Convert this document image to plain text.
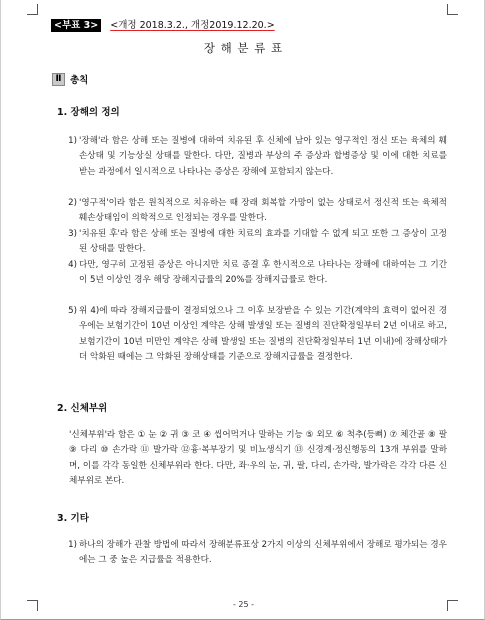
<부표 3> <개정 2018.3.2., 개정2019.12.20.>
장 해 분 류 표
Ⅱ 총칙
1. 장해의 정의
1) '장해'라 함은 상해 또는 질병에 대하여 치유된 후 신체에 남아 있는 영구적인 정신 또는 육체의 훼손상태 및 기능상실 상태를 말한다. 다만, 질병과 부상의 주 증상과 합병증상 및 이에 대한 치료를 받는 과정에서 일시적으로 나타나는 증상은 장해에 포함되지 않는다.
2) '영구적'이라 함은 원칙적으로 치유하는 때 장래 회복할 가망이 없는 상태로서 정신적 또는 육체적 훼손상태임이 의학적으로 인정되는 경우를 말한다.
3) '치유된 후'라 함은 상해 또는 질병에 대한 치료의 효과를 기대할 수 없게 되고 또한 그 증상이 고정된 상태를 말한다.
4) 다만, 영구히 고정된 증상은 아니지만 치료 종결 후 한시적으로 나타나는 장해에 대하여는 그 기간이 5년 이상인 경우 해당 장해지급률의 20%를 장해지급률로 한다.
5) 위 4)에 따라 장해지급률이 결정되었으나 그 이후 보장받을 수 있는 기간(계약의 효력이 없어진 경우에는 보험기간이 10년 이상인 계약은 상해 발생일 또는 질병의 진단확정일부터 2년 이내로 하고, 보험기간이 10년 미만인 계약은 상해 발생일 또는 질병의 진단확정일부터 1년 이내)에 장해상태가 더 악화된 때에는 그 악화된 장해상태를 기준으로 장해지급률을 결정한다.
2. 신체부위
'신체부위'라 함은 ① 눈 ② 귀 ③ 코 ④ 씹어먹거나 말하는 기능 ⑤ 외모 ⑥ 척추(등뼈) ⑦ 체간골 ⑧ 팔 ⑨ 다리 ⑩ 손가락 ⑪ 발가락 ⑫흉·복부장기 및 비뇨생식기 ⑬ 신경계·정신행동의 13개 부위를 말하며, 이를 각각 동일한 신체부위라 한다. 다만, 좌·우의 눈, 귀, 팔, 다리, 손가락, 발가락은 각각 다른 신체부위로 본다.
3. 기타
1) 하나의 장해가 관찰 방법에 따라서 장해분류표상 2가지 이상의 신체부위에서 장해로 평가되는 경우에는 그 중 높은 지급률을 적용한다.
- 25 -
